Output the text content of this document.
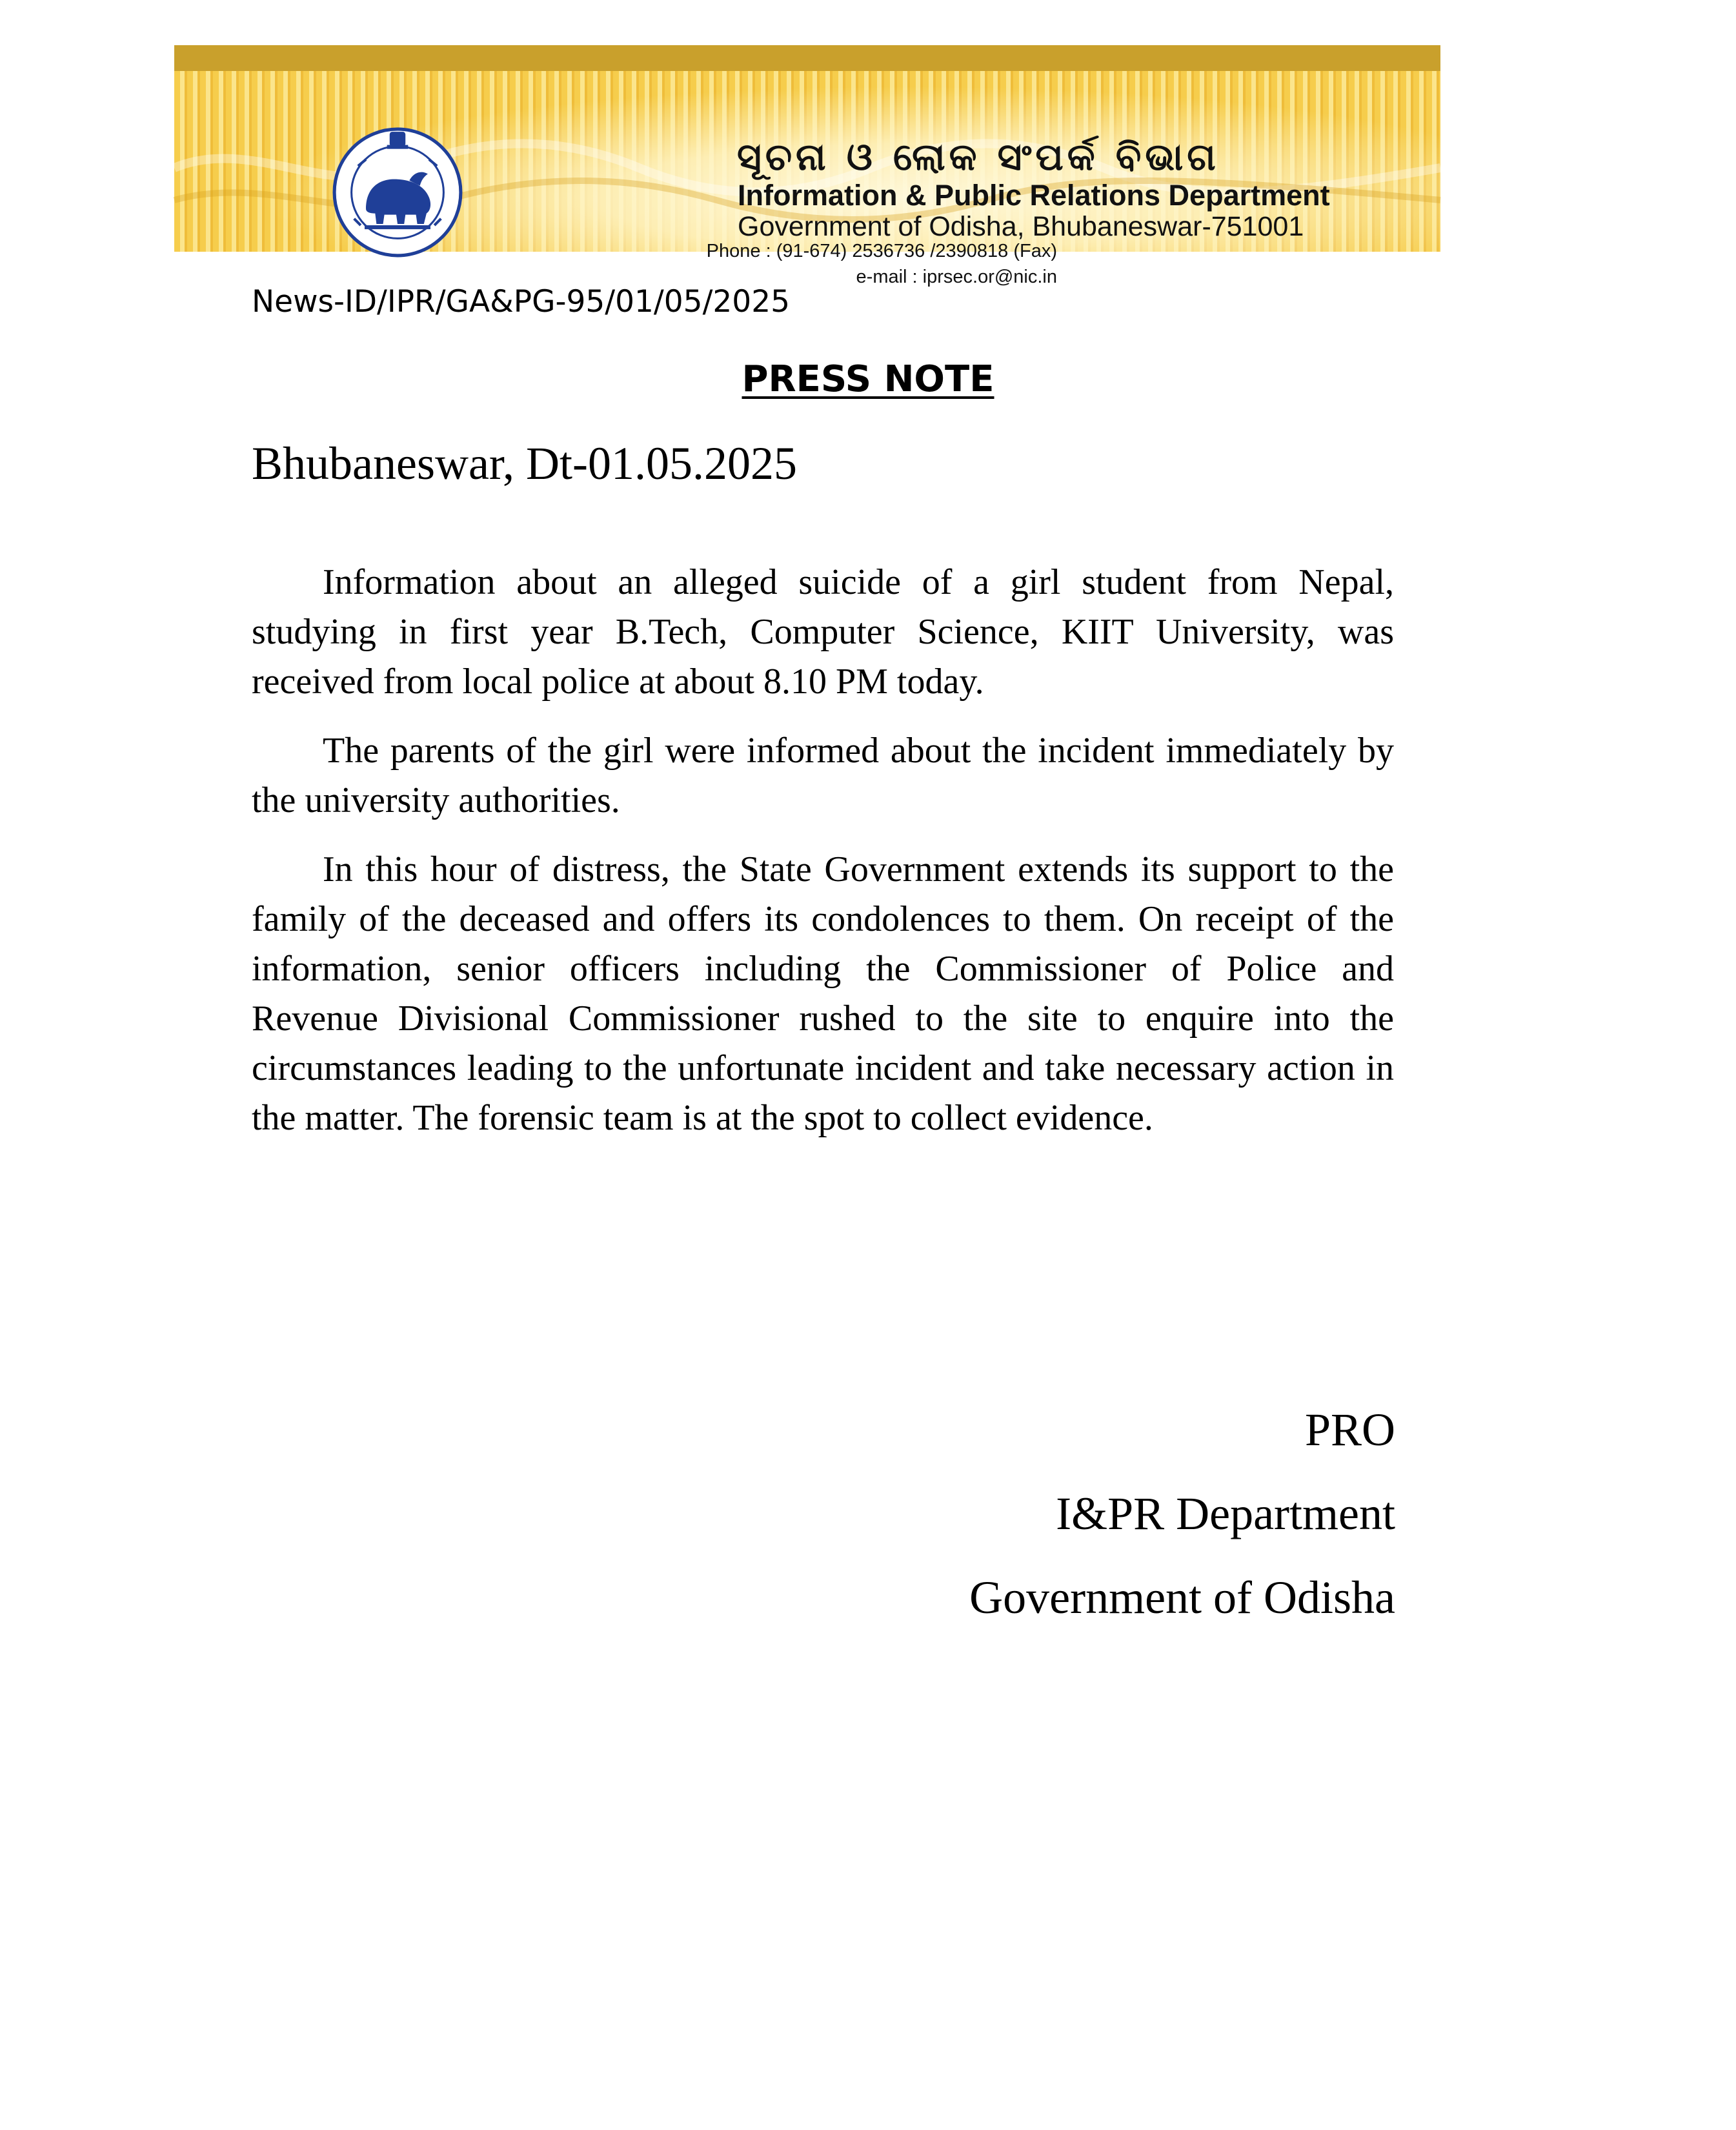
ସୂଚନା ଓ ଲୋକ ସଂପର୍କ ବିଭାଗ
Information & Public Relations Department
Government of Odisha, Bhubaneswar-751001
Phone : (91-674) 2536736 /2390818 (Fax)
e-mail : iprsec.or@nic.in
News-ID/IPR/GA&PG-95/01/05/2025
PRESS NOTE
Bhubaneswar, Dt-01.05.2025

Information about an alleged suicide of a girl student from Nepal, studying in first year B.Tech, Computer Science, KIIT University, was received from local police at about 8.10 PM today.

The parents of the girl were informed about the incident immediately by the university authorities.

In this hour of distress, the State Government extends its support to the family of the deceased and offers its condolences to them. On receipt of the information, senior officers including the Commissioner of Police and Revenue Divisional Commissioner rushed to the site to enquire into the circumstances leading to the unfortunate incident and take necessary action in the matter. The forensic team is at the spot to collect evidence.

PRO
I&PR Department
Government of Odisha
